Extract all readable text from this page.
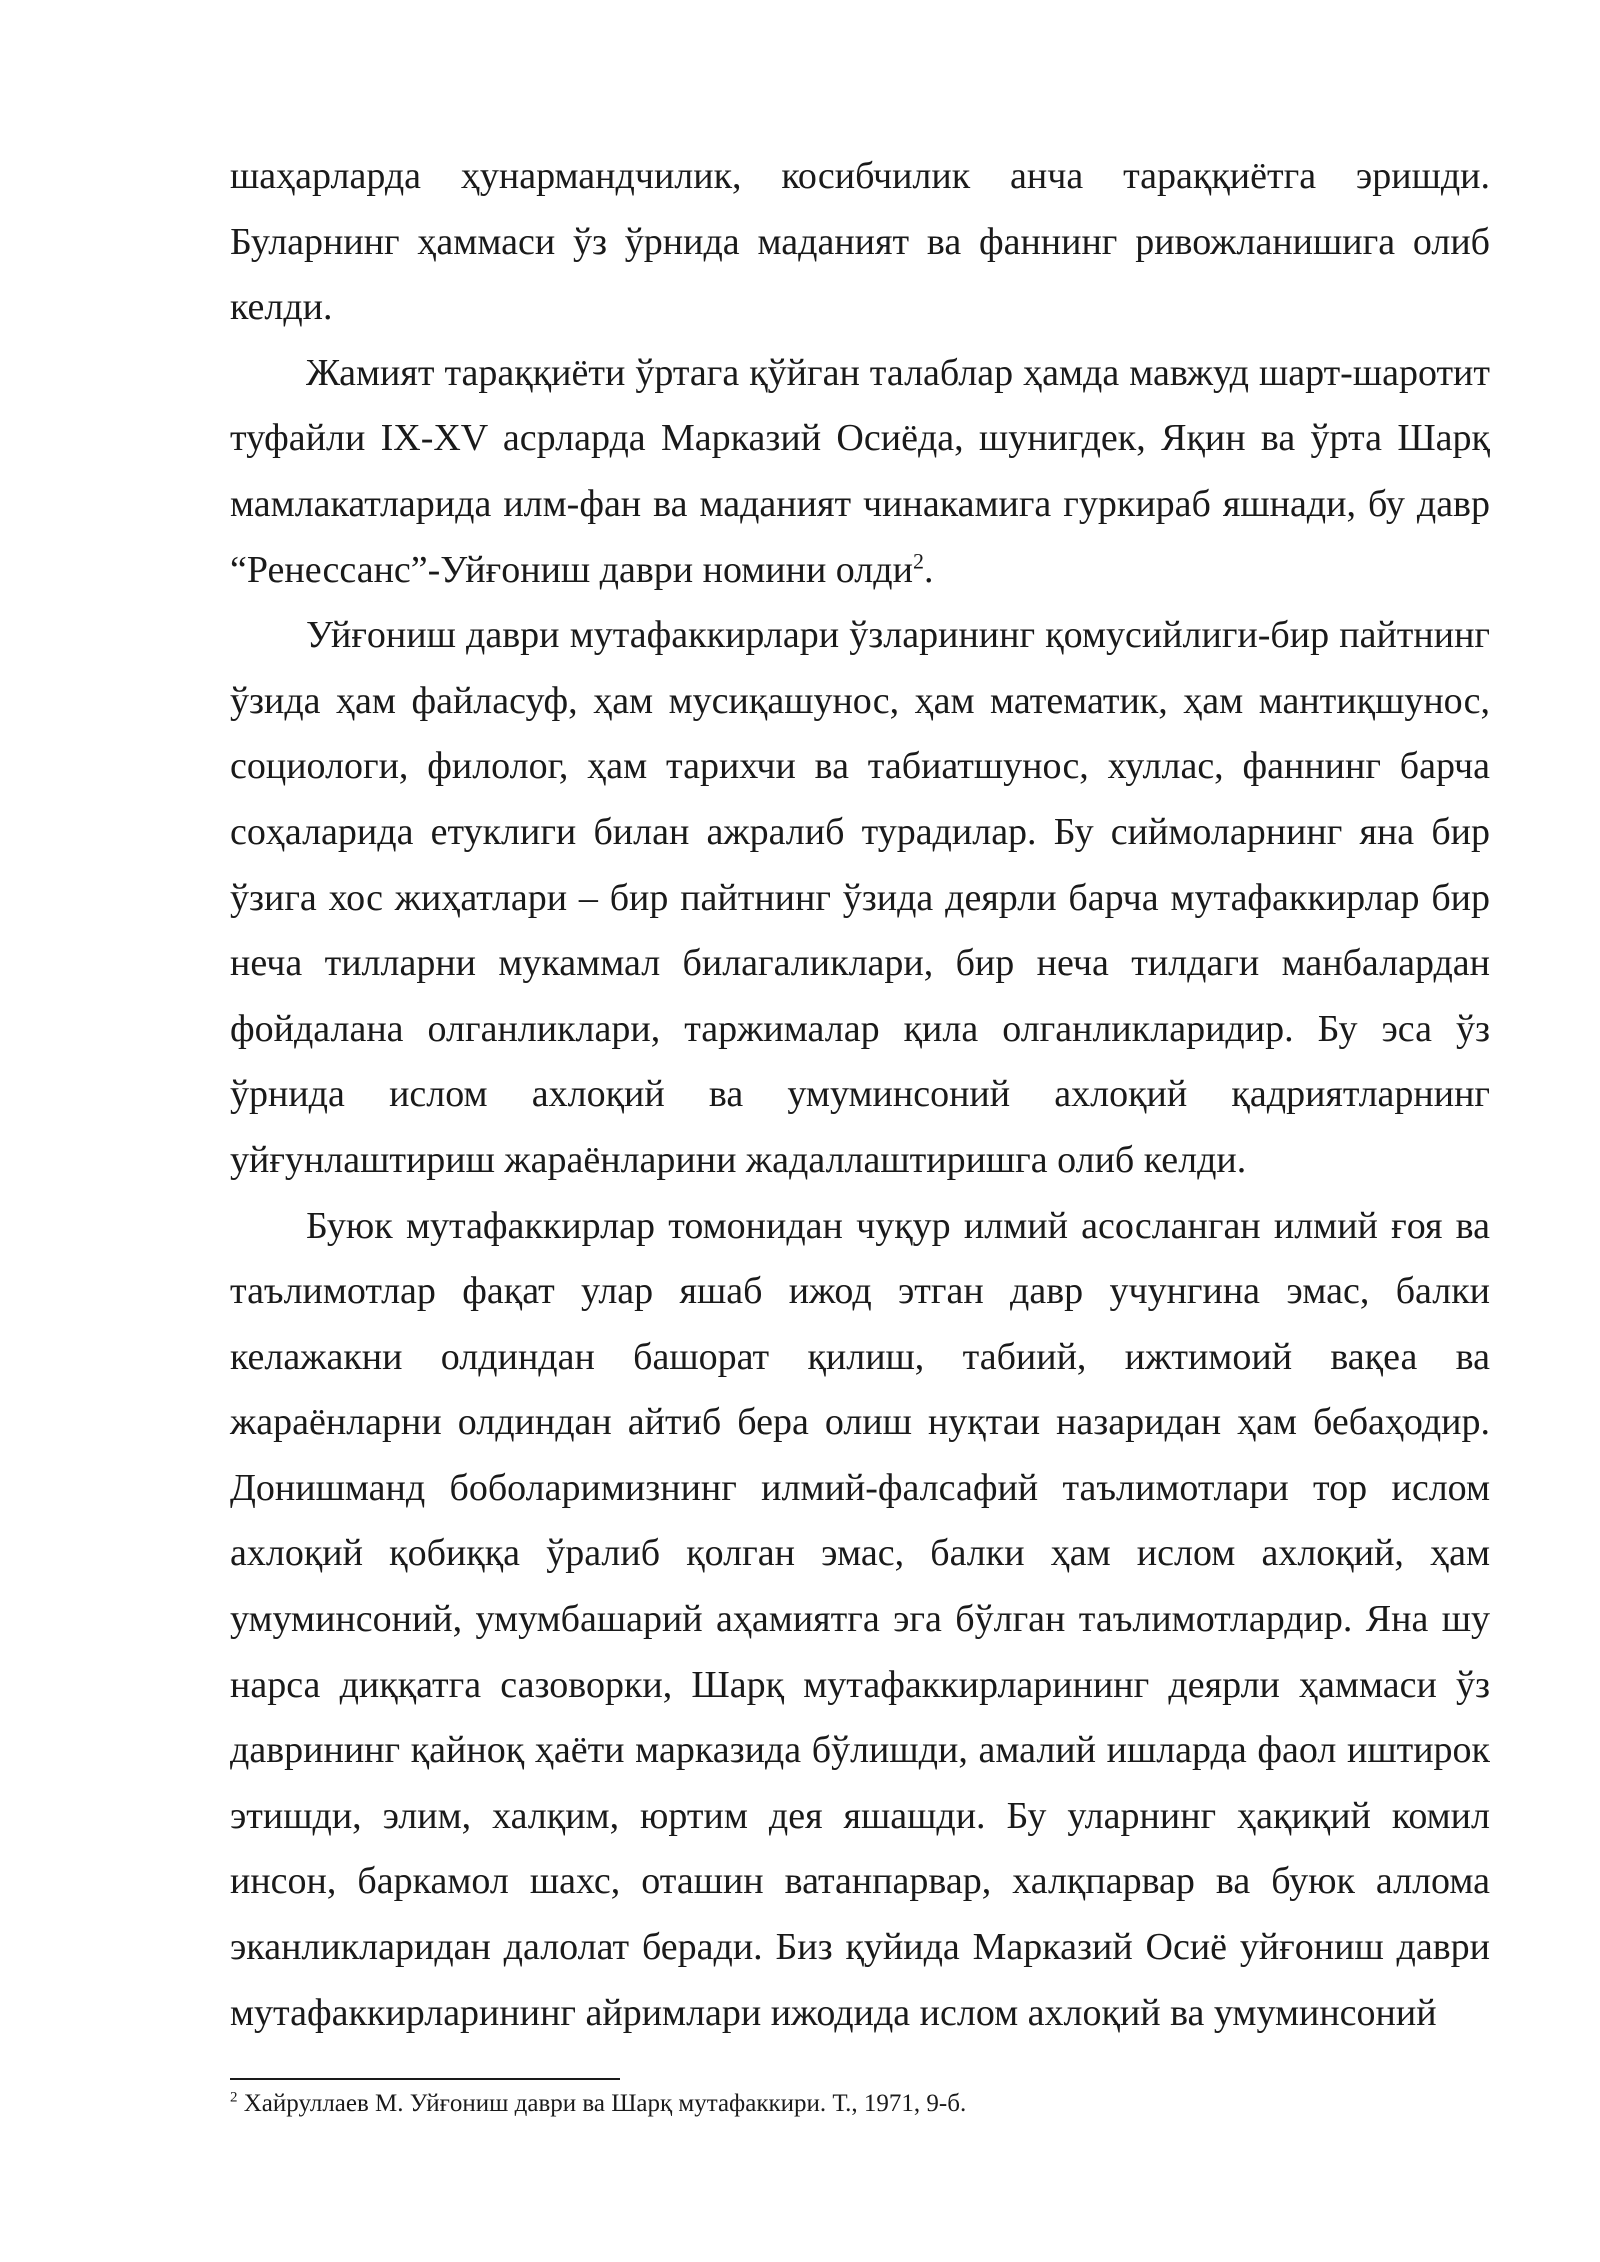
шаҳарларда ҳунармандчилик, косибчилик анча тараққиётга эришди. Буларнинг ҳаммаси ўз ўрнида маданият ва фаннинг ривожланишига олиб келди.

Жамият тараққиёти ўртага қўйган талаблар ҳамда мавжуд шарт-шаротит туфайли IX-XV асрларда Марказий Осиёда, шунигдек, Яқин ва ўрта Шарқ мамлакатларида илм-фан ва маданият чинакамига гуркираб яшнади, бу давр “Ренессанс”-Уйғониш даври номини олди$^2$.

Уйғониш даври мутафаккирлари ўзларининг қомусийлиги-бир пайтнинг ўзида ҳам файласуф, ҳам мусиқашунос, ҳам математик, ҳам мантиқшунос, социологи, филолог, ҳам тарихчи ва табиатшунос, хуллас, фаннинг барча соҳаларида етуклиги билан ажралиб турадилар. Бу сиймоларнинг яна бир ўзига хос жиҳатлари – бир пайтнинг ўзида деярли барча мутафаккирлар бир неча тилларни мукаммал билагаликлари, бир неча тилдаги манбалардан фойдалана олганликлари, таржималар қила олганликларидир. Бу эса ўз ўрнида ислом ахлоқий ва умуминсоний ахлоқий қадриятларнинг уйғунлаштириш жараёнларини жадаллаштиришга олиб келди.

Буюк мутафаккирлар томонидан чуқур илмий асосланган илмий ғоя ва таълимотлар фақат улар яшаб ижод этган давр учунгина эмас, балки келажакни олдиндан башорат қилиш, табиий, ижтимоий вақеа ва жараёнларни олдиндан айтиб бера олиш нуқтаи назаридан ҳам бебаҳодир. Донишманд боболаримизнинг илмий-фалсафий таълимотлари тор ислом ахлоқий қобиққа ўралиб қолган эмас, балки ҳам ислом ахлоқий, ҳам умуминсоний, умумбашарий аҳамиятга эга бўлган таълимотлардир. Яна шу нарса диққатга сазоворки, Шарқ мутафаккирларининг деярли ҳаммаси ўз даврининг қайноқ ҳаёти марказида бўлишди, амалий ишларда фаол иштирок этишди, элим, халқим, юртим дея яшашди. Бу уларнинг ҳақиқий комил инсон, баркамол шахс, оташин ватанпарвар, халқпарвар ва буюк аллома эканликларидан далолат беради. Биз қуйида Марказий Осиё уйғониш даври мутафаккирларининг айримлари ижодида ислом ахлоқий ва умуминсоний

$^2$ Хайруллаев М. Уйғониш даври ва Шарқ мутафаккири. Т., 1971, 9-б.
